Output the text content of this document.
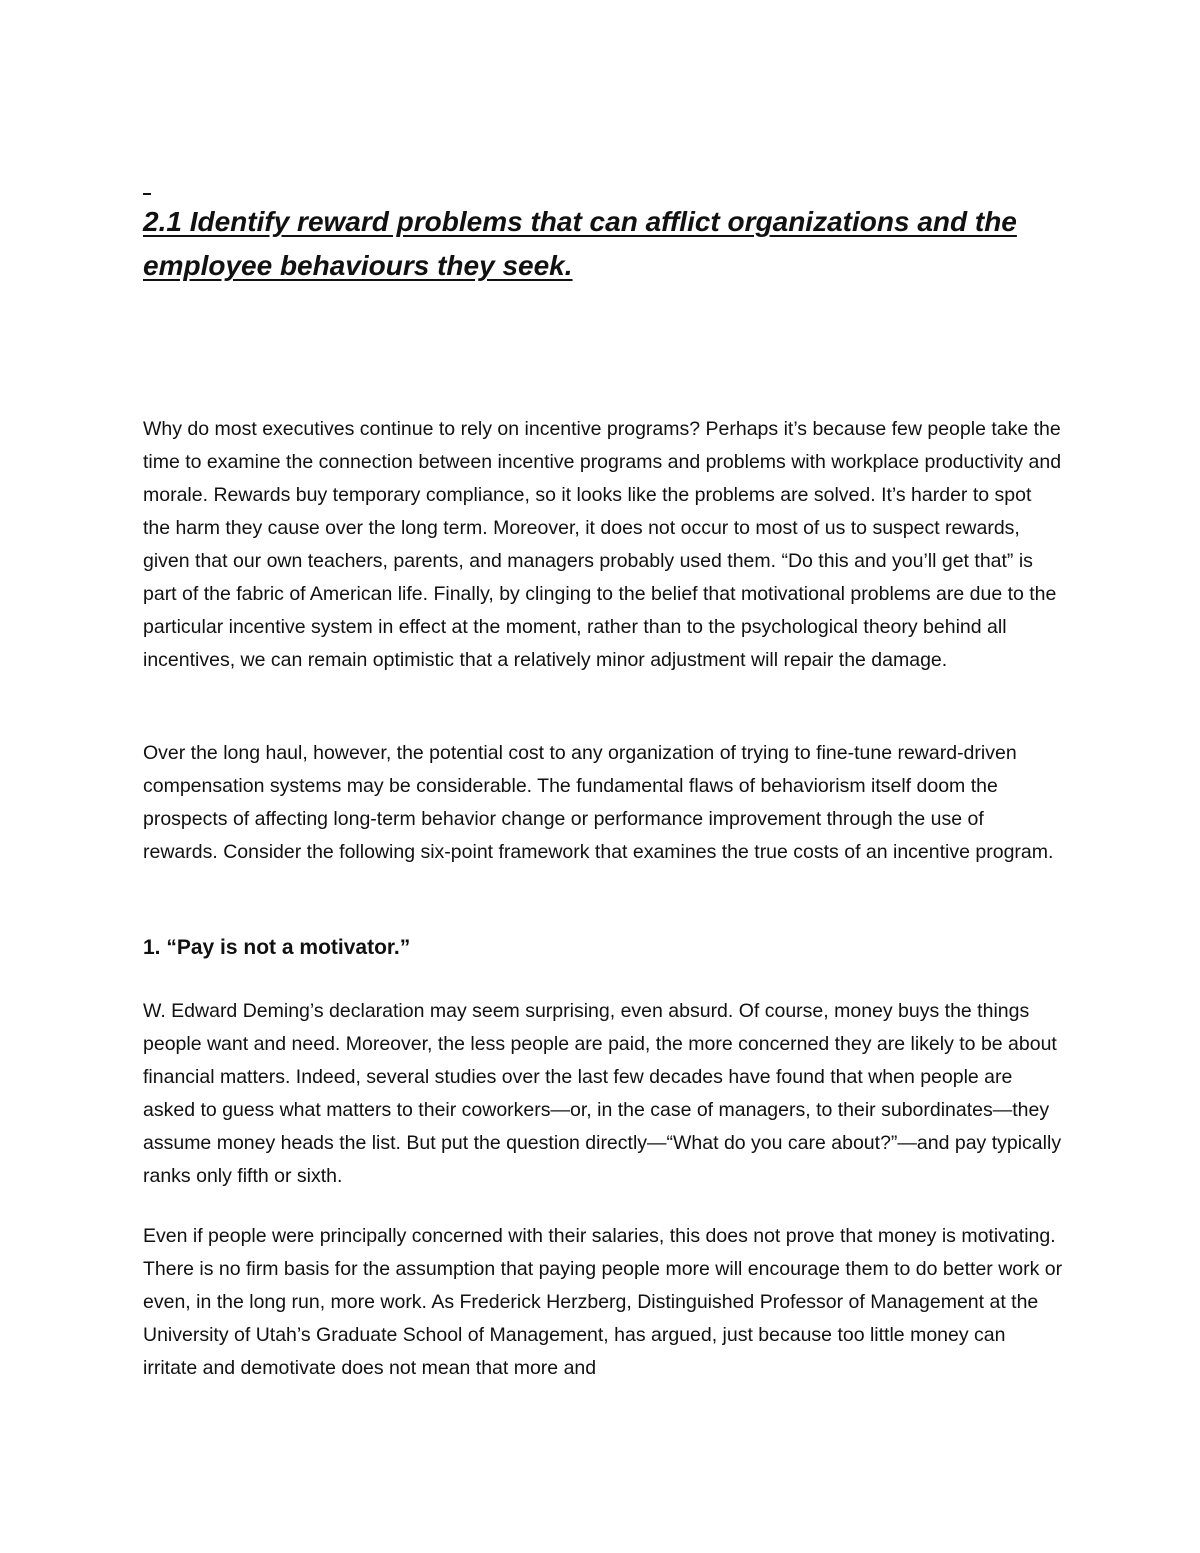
2.1 Identify reward problems that can afflict organizations and the employee behaviours they seek.

Why do most executives continue to rely on incentive programs? Perhaps it’s because few people take the time to examine the connection between incentive programs and problems with workplace productivity and morale. Rewards buy temporary compliance, so it looks like the problems are solved. It’s harder to spot the harm they cause over the long term. Moreover, it does not occur to most of us to suspect rewards, given that our own teachers, parents, and managers probably used them. “Do this and you’ll get that” is part of the fabric of American life. Finally, by clinging to the belief that motivational problems are due to the particular incentive system in effect at the moment, rather than to the psychological theory behind all incentives, we can remain optimistic that a relatively minor adjustment will repair the damage.

Over the long haul, however, the potential cost to any organization of trying to fine-tune reward-driven compensation systems may be considerable. The fundamental flaws of behaviorism itself doom the prospects of affecting long-term behavior change or performance improvement through the use of rewards. Consider the following six-point framework that examines the true costs of an incentive program.

1. “Pay is not a motivator.”

W. Edward Deming’s declaration may seem surprising, even absurd. Of course, money buys the things people want and need. Moreover, the less people are paid, the more concerned they are likely to be about financial matters. Indeed, several studies over the last few decades have found that when people are asked to guess what matters to their coworkers—or, in the case of managers, to their subordinates—they assume money heads the list. But put the question directly—“What do you care about?”—and pay typically ranks only fifth or sixth.

Even if people were principally concerned with their salaries, this does not prove that money is motivating. There is no firm basis for the assumption that paying people more will encourage them to do better work or even, in the long run, more work. As Frederick Herzberg, Distinguished Professor of Management at the University of Utah’s Graduate School of Management, has argued, just because too little money can irritate and demotivate does not mean that more and
